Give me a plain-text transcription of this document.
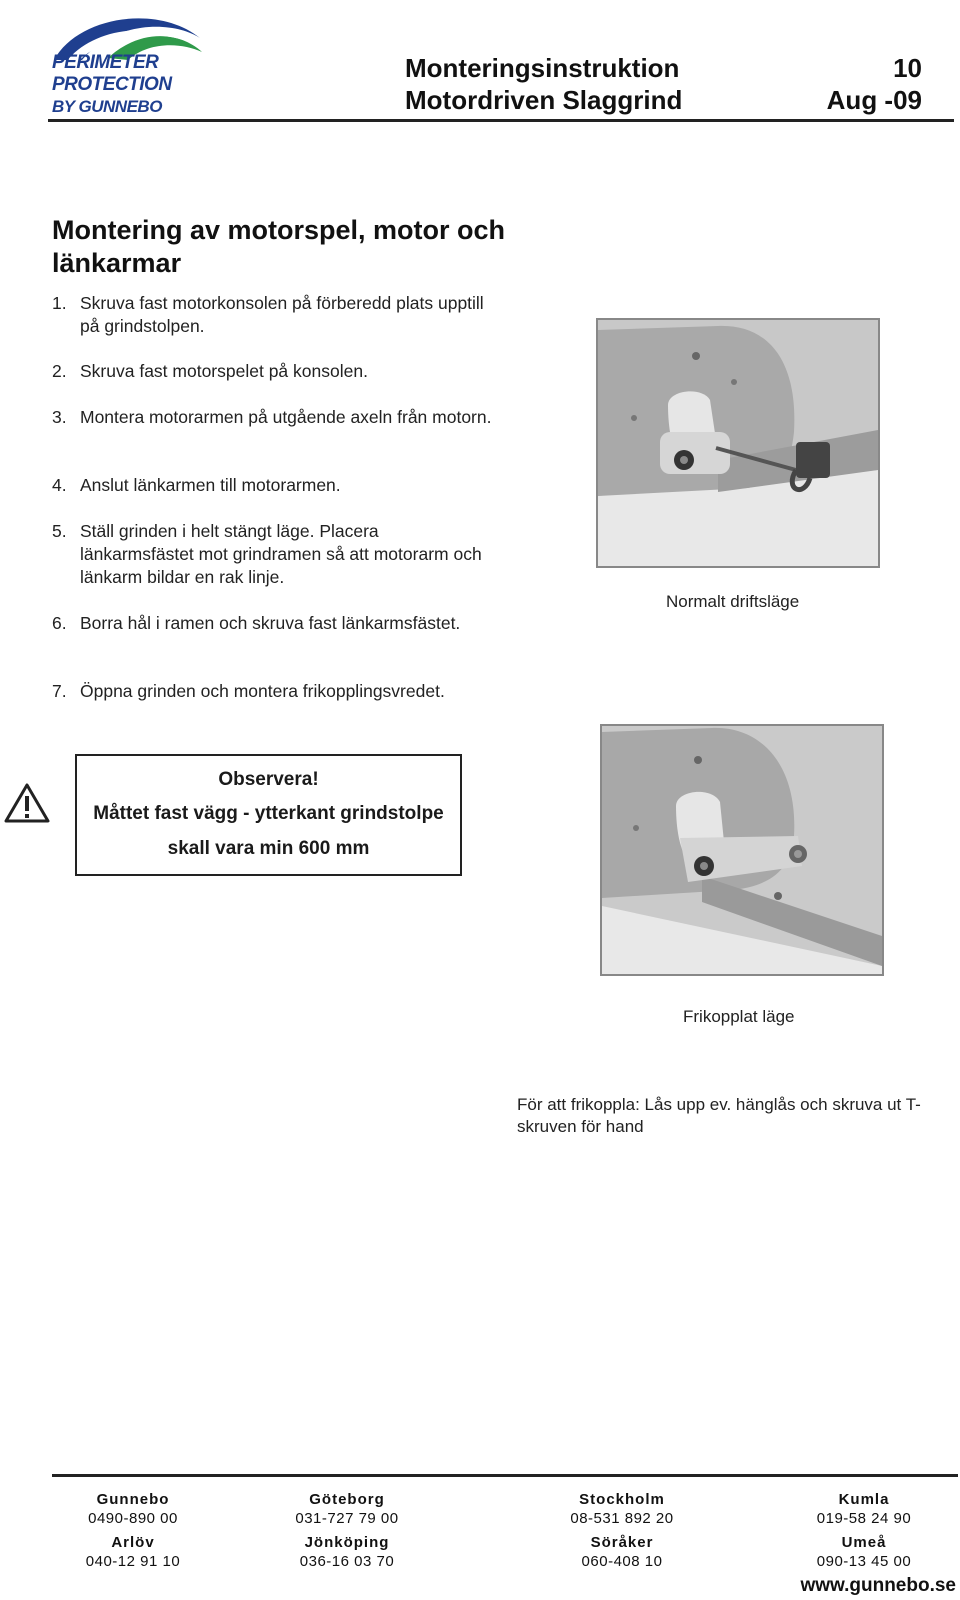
PERIMETER
PROTECTION
BY GUNNEBO
Monteringsinstruktion
Motordriven Slaggrind
10
Aug -09
Montering av motorspel, motor och länkarmar
1. Skruva fast motorkonsolen på förberedd plats upptill på grindstolpen.
2. Skruva fast motorspelet på konsolen.
3. Montera motorarmen på utgående axeln från motorn.
4. Anslut länkarmen till motorarmen.
5. Ställ grinden i helt stängt läge. Placera länkarmsfästet mot grindramen så att motorarm och länkarm bildar en rak linje.
6. Borra hål i ramen och skruva fast länkarmsfästet.
7. Öppna grinden och montera frikopplingsvredet.
Normalt driftsläge
Observera!
Måttet fast vägg - ytterkant grindstolpe
skall vara min 600 mm
Frikopplat läge
För att frikoppla: Lås upp ev. hänglås och skruva ut T-skruven för hand
Gunnebo
0490-890 00
Göteborg
031-727 79 00
Stockholm
08-531 892 20
Kumla
019-58 24 90
Arlöv
040-12 91 10
Jönköping
036-16 03 70
Söråker
060-408 10
Umeå
090-13 45 00
www.gunnebo.se
